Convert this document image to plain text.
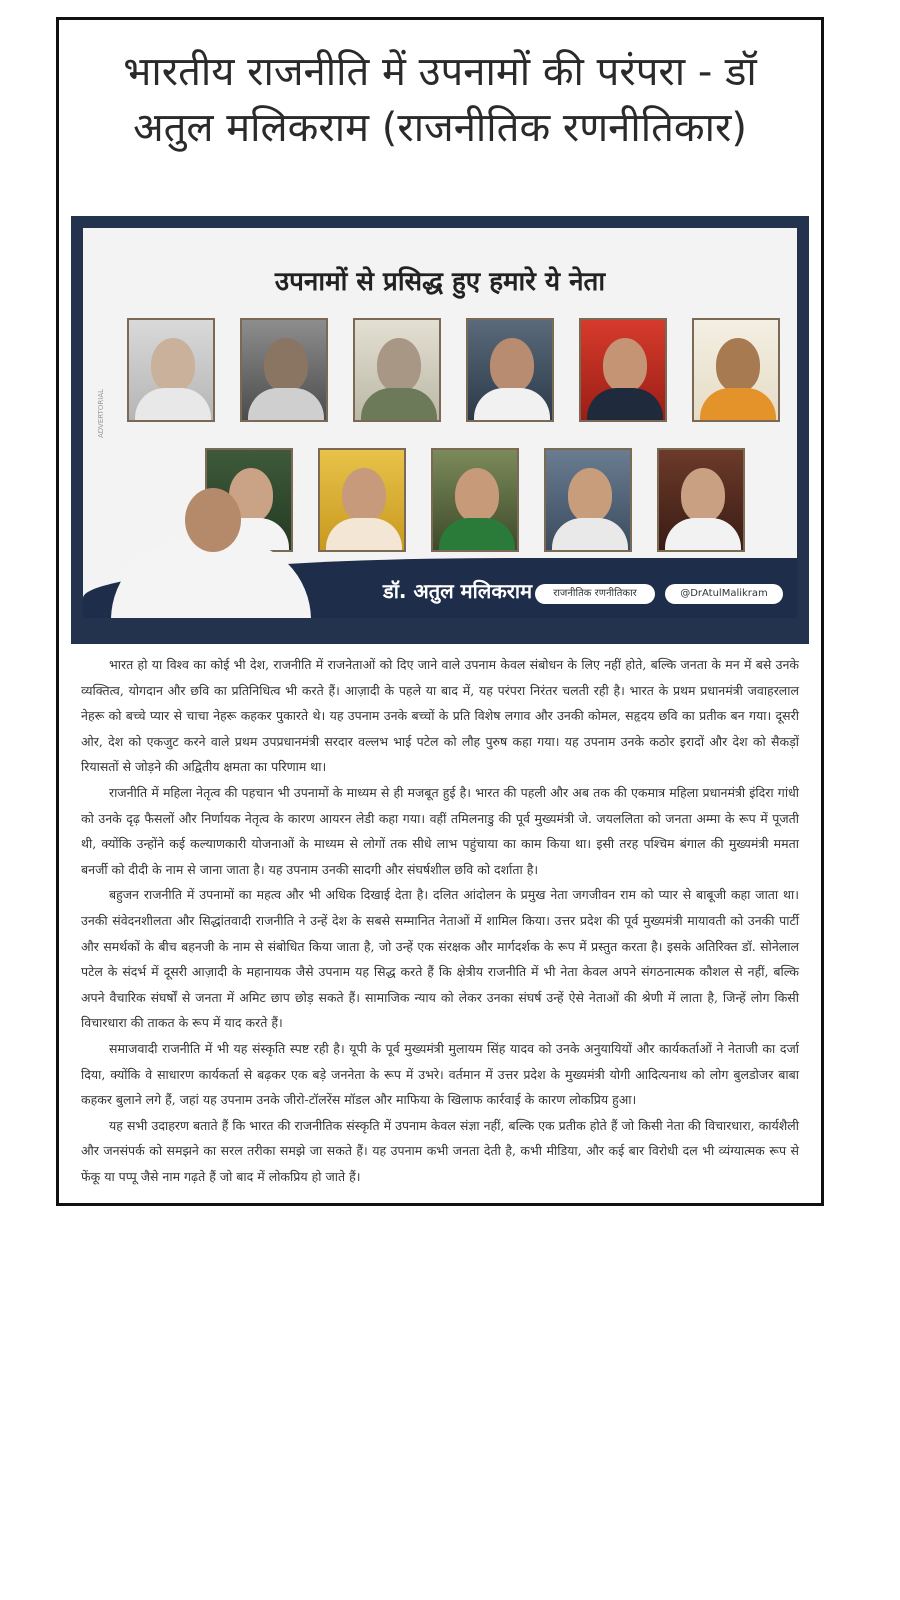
भारतीय राजनीति में उपनामों की परंपरा - डॉ अतुल मलिकराम (राजनीतिक रणनीतिकार)
उपनामों से प्रसिद्ध हुए हमारे ये नेता
ADVERTORIAL
डॉ. अतुल मलिकराम	राजनीतिक रणनीतिकार	@DrAtulMalikram

भारत हो या विश्व का कोई भी देश, राजनीति में राजनेताओं को दिए जाने वाले उपनाम केवल संबोधन के लिए नहीं होते, बल्कि जनता के मन में बसे उनके व्यक्तित्व, योगदान और छवि का प्रतिनिधित्व भी करते हैं। आज़ादी के पहले या बाद में, यह परंपरा निरंतर चलती रही है। भारत के प्रथम प्रधानमंत्री जवाहरलाल नेहरू को बच्चे प्यार से चाचा नेहरू कहकर पुकारते थे। यह उपनाम उनके बच्चों के प्रति विशेष लगाव और उनकी कोमल, सहृदय छवि का प्रतीक बन गया। दूसरी ओर, देश को एकजुट करने वाले प्रथम उपप्रधानमंत्री सरदार वल्लभ भाई पटेल को लौह पुरुष कहा गया। यह उपनाम उनके कठोर इरादों और देश को सैकड़ों रियासतों से जोड़ने की अद्वितीय क्षमता का परिणाम था।

राजनीति में महिला नेतृत्व की पहचान भी उपनामों के माध्यम से ही मजबूत हुई है। भारत की पहली और अब तक की एकमात्र महिला प्रधानमंत्री इंदिरा गांधी को उनके दृढ़ फैसलों और निर्णायक नेतृत्व के कारण आयरन लेडी कहा गया। वहीं तमिलनाडु की पूर्व मुख्यमंत्री जे. जयललिता को जनता अम्मा के रूप में पूजती थी, क्योंकि उन्होंने कई कल्याणकारी योजनाओं के माध्यम से लोगों तक सीधे लाभ पहुंचाया का काम किया था। इसी तरह पश्चिम बंगाल की मुख्यमंत्री ममता बनर्जी को दीदी के नाम से जाना जाता है। यह उपनाम उनकी सादगी और संघर्षशील छवि को दर्शाता है।

बहुजन राजनीति में उपनामों का महत्व और भी अधिक दिखाई देता है। दलित आंदोलन के प्रमुख नेता जगजीवन राम को प्यार से बाबूजी कहा जाता था। उनकी संवेदनशीलता और सिद्धांतवादी राजनीति ने उन्हें देश के सबसे सम्मानित नेताओं में शामिल किया। उत्तर प्रदेश की पूर्व मुख्यमंत्री मायावती को उनकी पार्टी और समर्थकों के बीच बहनजी के नाम से संबोधित किया जाता है, जो उन्हें एक संरक्षक और मार्गदर्शक के रूप में प्रस्तुत करता है। इसके अतिरिक्त डॉ. सोनेलाल पटेल के संदर्भ में दूसरी आज़ादी के महानायक जैसे उपनाम यह सिद्ध करते हैं कि क्षेत्रीय राजनीति में भी नेता केवल अपने संगठनात्मक कौशल से नहीं, बल्कि अपने वैचारिक संघर्षों से जनता में अमिट छाप छोड़ सकते हैं। सामाजिक न्याय को लेकर उनका संघर्ष उन्हें ऐसे नेताओं की श्रेणी में लाता है, जिन्हें लोग किसी विचारधारा की ताकत के रूप में याद करते हैं।

समाजवादी राजनीति में भी यह संस्कृति स्पष्ट रही है। यूपी के पूर्व मुख्यमंत्री मुलायम सिंह यादव को उनके अनुयायियों और कार्यकर्ताओं ने नेताजी का दर्जा दिया, क्योंकि वे साधारण कार्यकर्ता से बढ़कर एक बड़े जननेता के रूप में उभरे। वर्तमान में उत्तर प्रदेश के मुख्यमंत्री योगी आदित्यनाथ को लोग बुलडोजर बाबा कहकर बुलाने लगे हैं, जहां यह उपनाम उनके जीरो-टॉलरेंस मॉडल और माफिया के खिलाफ कार्रवाई के कारण लोकप्रिय हुआ।

यह सभी उदाहरण बताते हैं कि भारत की राजनीतिक संस्कृति में उपनाम केवल संज्ञा नहीं, बल्कि एक प्रतीक होते हैं जो किसी नेता की विचारधारा, कार्यशैली और जनसंपर्क को समझने का सरल तरीका समझे जा सकते हैं। यह उपनाम कभी जनता देती है, कभी मीडिया, और कई बार विरोधी दल भी व्यंग्यात्मक रूप से फेंकू या पप्पू जैसे नाम गढ़ते हैं जो बाद में लोकप्रिय हो जाते हैं।
